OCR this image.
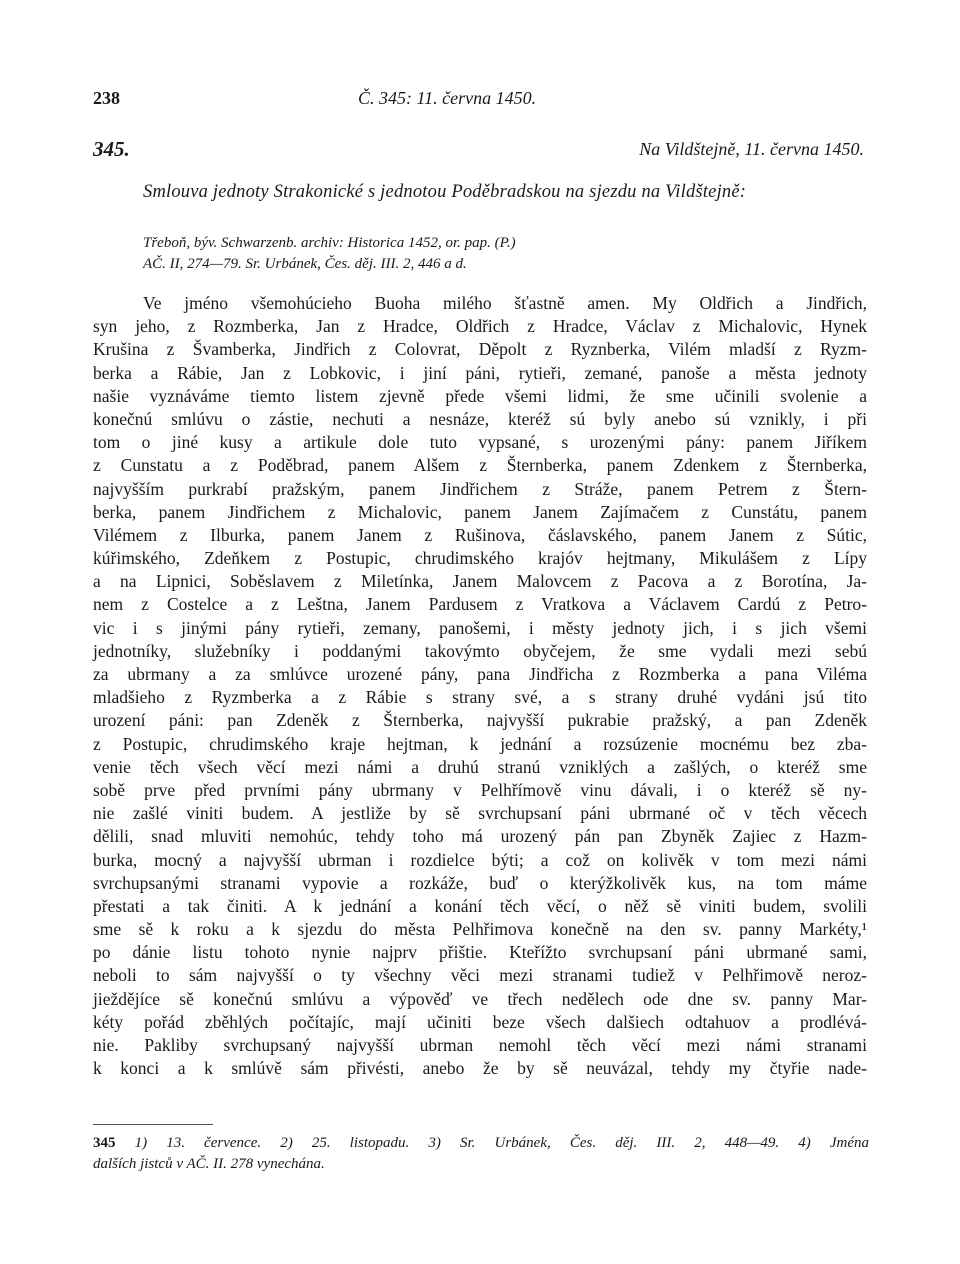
238	Č. 345: 11. června 1450.
345.	Na Vildštejně, 11. června 1450.
Smlouva jednoty Strakonické s jednotou Poděbradskou na sjezdu na Vildštejně:
Třeboň, býv. Schwarzenb. archiv: Historica 1452, or. pap. (P.)
AČ. II, 274—79. Sr. Urbánek, Čes. děj. III. 2, 446 a d.
Ve jméno všemohúcieho Buoha milého šťastně amen. My Oldřich a Jindřich,
syn jeho, z Rozmberka, Jan z Hradce, Oldřich z Hradce, Václav z Michalovic, Hynek
Krušina z Švamberka, Jindřich z Colovrat, Děpolt z Ryznberka, Vilém mladší z Ryzm-
berka a Rábie, Jan z Lobkovic, i jiní páni, rytieři, zemané, panoše a města jednoty
našie vyznáváme tiemto listem zjevně přede všemi lidmi, že sme učinili svolenie a
konečnú smlúvu o zástie, nechuti a nesnáze, kteréž sú byly anebo sú vznikly, i při
tom o jiné kusy a artikule dole tuto vypsané, s urozenými pány: panem Jiříkem
z Cunstatu a z Poděbrad, panem Alšem z Šternberka, panem Zdenkem z Šternberka,
najvyšším purkrabí pražským, panem Jindřichem z Stráže, panem Petrem z Štern-
berka, panem Jindřichem z Michalovic, panem Janem Zajímačem z Cunstátu, panem
Vilémem z Ilburka, panem Janem z Rušinova, čáslavského, panem Janem z Sútic,
kúřimského, Zdeňkem z Postupic, chrudimského krajóv hejtmany, Mikulášem z Lípy
a na Lipnici, Soběslavem z Miletínka, Janem Malovcem z Pacova a z Borotína, Ja-
nem z Costelce a z Leštna, Janem Pardusem z Vratkova a Václavem Cardú z Petro-
vic i s jinými pány rytieři, zemany, panošemi, i městy jednoty jich, i s jich všemi
jednotníky, služebníky i poddanými takovýmto obyčejem, že sme vydali mezi sebú
za ubrmany a za smlúvce urozené pány, pana Jindřicha z Rozmberka a pana Viléma
mladšieho z Ryzmberka a z Rábie s strany své, a s strany druhé vydáni jsú tito
urození páni: pan Zdeněk z Šternberka, najvyšší pukrabie pražský, a pan Zdeněk
z Postupic, chrudimského kraje hejtman, k jednání a rozsúzenie mocnému bez zba-
venie těch všech věcí mezi námi a druhú stranú vzniklých a zašlých, o kteréž sme
sobě prve před prvními pány ubrmany v Pelhřímově vinu dávali, i o kteréž sě ny-
nie zašlé viniti budem. A jestliže by sě svrchupsaní páni ubrmané oč v těch věcech
dělili, snad mluviti nemohúc, tehdy toho má urozený pán pan Zbyněk Zajiec z Hazm-
burka, mocný a najvyšší ubrman i rozdielce býti; a což on kolivěk v tom mezi námi
svrchupsanými stranami vypovie a rozkáže, buď o kterýžkolivěk kus, na tom máme
přestati a tak činiti. A k jednání a konání těch věcí, o něž sě viniti budem, svolili
sme sě k roku a k sjezdu do města Pelhřimova konečně na den sv. panny Markéty,¹
po dánie listu tohoto nynie najprv přištie. Kteřížto svrchupsaní páni ubrmané sami,
neboli to sám najvyšší o ty všechny věci mezi stranami tudiež v Pelhřimově neroz-
jiežděјíce sě konečnú smlúvu a výpověď ve třech nedělech ode dne sv. panny Mar-
kéty pořád zběhlých počítajíc, mají učiniti beze všech dalšiech odtahuov a prodlévá-
nie. Pakliby svrchupsaný najvyšší ubrman nemohl těch věcí mezi námi stranami
k konci a k smlúvě sám přivésti, anebo že by sě neuvázal, tehdy my čtyřie nade-
345 1) 13. července. 2) 25. listopadu. 3) Sr. Urbánek, Čes. děj. III. 2, 448—49. 4) Jména
dalších jistců v AČ. II. 278 vynechána.
